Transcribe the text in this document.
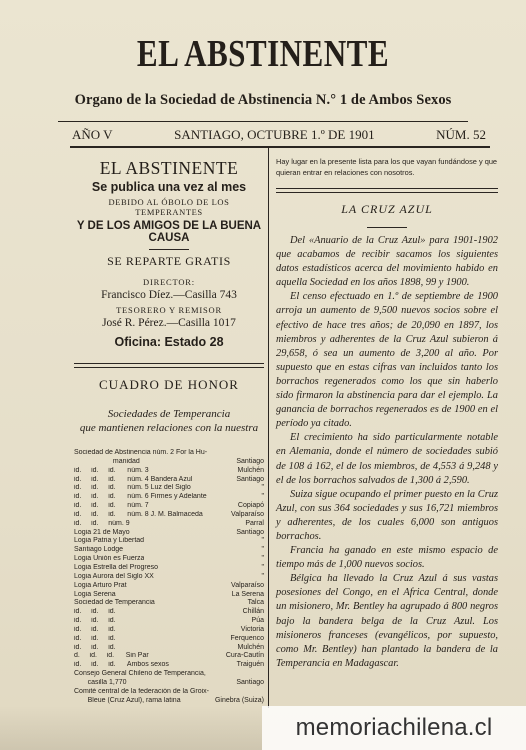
EL ABSTINENTE
Organo de la Sociedad de Abstinencia N.° 1 de Ambos Sexos
AÑO V	SANTIAGO, OCTUBRE 1.º DE 1901	NÚM. 52
EL ABSTINENTE
Se publica una vez al mes
DEBIDO AL ÓBOLO DE LOS TEMPERANTES
Y DE LOS AMIGOS DE LA BUENA CAUSA
SE REPARTE GRATIS
DIRECTOR:
Francisco Díez.—Casilla 743
TESORERO Y REMISOR
José R. Pérez.—Casilla 1017
Oficina: Estado 28
CUADRO DE HONOR
Sociedades de Temperancia
que mantienen relaciones con la nuestra
Sociedad de Abstinencia núm. 2 For la Hu-
manidad	Santiago
id.     id.     id.      núm. 3	Mulchén
id.     id.     id.      núm. 4 Bandera Azul	Santiago
id.     id.     id.      núm. 5 Luz del Siglo	"
id.     id.     id.      núm. 6 Firmes y Adelante	"
id.     id.     id.      núm. 7	Copiapó
id.     id.     id.      núm. 8 J. M. Balmaceda	Valparaíso
id.     id.     núm. 9	Parral
Logia 21 de Mayo	Santiago
Logia Patria y Libertad	"
Santiago Lodge	"
Logia Unión es Fuerza	"
Logia Estrella del Progreso	"
Logia Aurora del Siglo XX	"
Logia Arturo Prat	Valparaíso
Logia Serena	La Serena
Sociedad de Temperancia	Talca
id.     id.     id.	Chillán
id.     id.     id.	Púa
id.     id.     id.	Victoria
id.     id.     id.	Ferquenco
id.     id.     id.	Mulchén
d.     id.     id.      Sin Par	Cura-Cautín
id.     id.     id.      Ambos sexos	Traiguén
Consejo General Chileno de Temperancia,
casilla 1,770	Santiago
Comité central de la federación de la Groix-
Bleue (Cruz Azul), rama latina	Ginebra (Suiza)
Hay lugar en la presente lista para los que vayan fundándose y que quieran entrar en relaciones con nosotros.
LA CRUZ AZUL

Del «Anuario de la Cruz Azul» para 1901-1902 que acabamos de recibir sacamos los siguientes datos estadísticos acerca del movimiento habido en aquella Sociedad en los años 1898, 99 y 1900.

El censo efectuado en 1.º de septiembre de 1900 arroja un aumento de 9,500 nuevos socios sobre el efectivo de hace tres años; de 20,090 en 1897, los miembros y adherentes de la Cruz Azul subieron á 29,658, ó sea un aumento de 3,200 al año. Por supuesto que en estas cifras van incluidos tanto los borrachos regenerados como los que sin haberlo sido firmaron la abstinencia para dar el ejemplo. La ganancia de borrachos regenerados es de 1900 en el período ya citado.

El crecimiento ha sido particularmente notable en Alemania, donde el número de sociedades subió de 108 á 162, el de los miembros, de 4,553 á 9,248 y el de los borrachos salvados de 1,300 á 2,590.

Suiza sigue ocupando el primer puesto en la Cruz Azul, con sus 364 sociedades y sus 16,721 miembros y adherentes, de los cuales 6,000 son antiguos borrachos.

Francia ha ganado en este mismo espacio de tiempo más de 1,000 nuevos socios.

Bélgica ha llevado la Cruz Azul á sus vastas posesiones del Congo, en el Africa Central, donde un misionero, Mr. Bentley ha agrupado á 800 negros bajo la bandera belga de la Cruz Azul. Los misioneros franceses (evangélicos, por supuesto, como Mr. Bentley) han plantado la bandera de la Temperancia en Madagascar.

memoriachilena.cl
